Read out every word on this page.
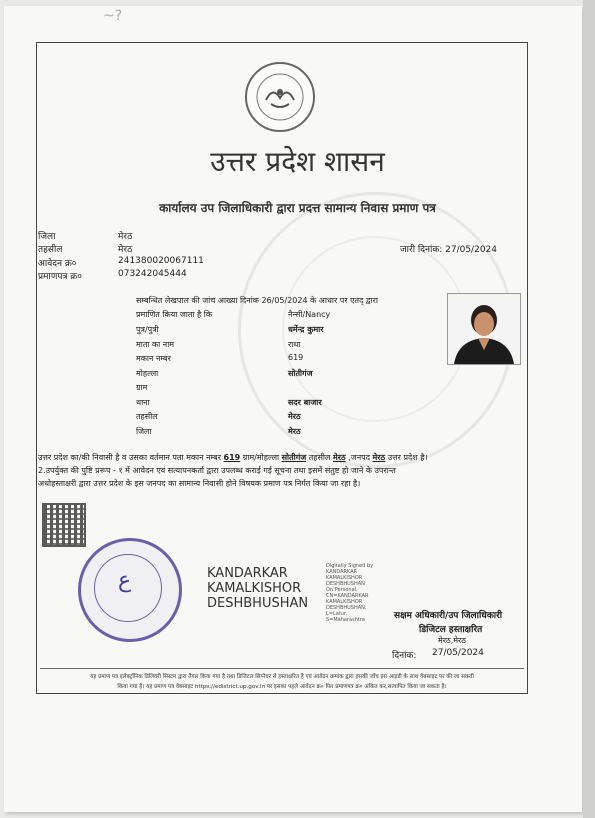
~?
उत्तर प्रदेश शासन
कार्यालय उप जिलाधिकारी द्वारा प्रदत्त सामान्य निवास प्रमाण पत्र
जिला	मेरठ
तहसील	मेरठ
आवेदन क्र०	241380020067111
प्रमाणपत्र क्र०	073242045444
जारी दिनांक: 27/05/2024
सम्बन्धित लेखपाल की जांच आख्या दिनांक 26/05/2024 के आधार पर एतद् द्वारा
प्रमाणित किया जाता है कि	नैन्सी/Nancy
पुत्र/पुत्री	धर्मेन्द्र कुमार
माता का नाम	राधा
मकान नम्बर	619
मोहल्ला	सोतीगंज
ग्राम
थाना	सदर बाजार
तहसील	मेरठ
जिला	मेरठ
उत्तर प्रदेश का/की निवासी है व उसका वर्तमान पता मकान नम्बर 619 ग्राम/मोहल्ला सोतीगंज तहसील मेरठ ,जनपद मेरठ उत्तर प्रदेश है।
2.उपर्युक्त की पुष्टि प्ररूप - १ में आवेदन एवं सत्यापनकर्ता द्वारा उपलब्ध कराई गई सूचना तथा इसमें संतुष्ट हो जाने के उपरान्त
अधोहस्ताक्षरी द्वारा उत्तर प्रदेश के इस जनपद का सामान्य निवासी होने विषयक प्रमाण पत्र निर्गत किया जा रहा है।
ع	KANDARKAR
KAMALKISHOR
DESHBHUSHAN
Digitally Signed by
KANDARKAR
KAMALKISHOR
DESHBHUSHAN
On:Personal,
CN=KANDARKAR
KAMALKISHOR
DESHBHUSHAN,
L=Latur,
S=Maharashtra	सक्षम अधिकारी/उप जिलाधिकारी
डिजिटल हस्ताक्षरित
मेरठ,मेरठ
दिनांक: 27/05/2024
यह प्रमाण पत्र इलेक्ट्रॉनिक डिलिवरी सिस्टम द्वारा तैयार किया गया है तथा डिजिटल सिग्नेचर से हस्ताक्षरित है एवं आवेदन क्रमांक द्वारा इसकी जाँच इस आइडी के साथ वेबसाइट पर की जा सकती
किया गया है। यह प्रमाण पत्र वेबसाइट https://edistrict.up.gov.in पर इसका पहले आवेदन क्र० फिर प्रमाणपत्र क्र० अंकित कर,सत्यापित किया जा सकता है।
